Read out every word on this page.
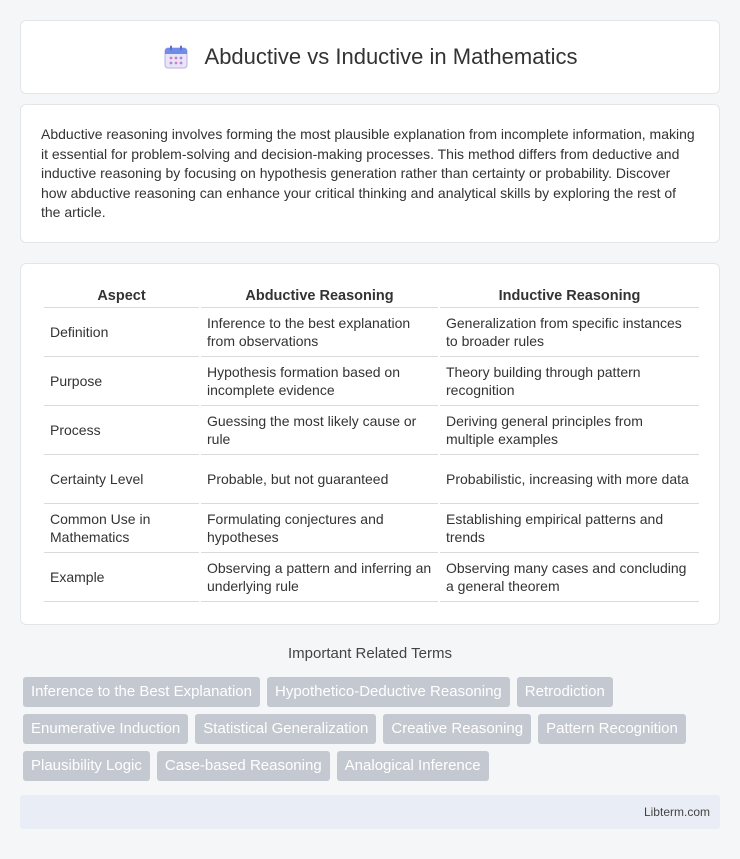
Abductive vs Inductive in Mathematics

Abductive reasoning involves forming the most plausible explanation from incomplete information, making it essential for problem-solving and decision-making processes. This method differs from deductive and inductive reasoning by focusing on hypothesis generation rather than certainty or probability. Discover how abductive reasoning can enhance your critical thinking and analytical skills by exploring the rest of the article.

Aspect	Abductive Reasoning	Inductive Reasoning
Definition	Inference to the best explanation from observations	Generalization from specific instances to broader rules
Purpose	Hypothesis formation based on incomplete evidence	Theory building through pattern recognition
Process	Guessing the most likely cause or rule	Deriving general principles from multiple examples
Certainty Level	Probable, but not guaranteed	Probabilistic, increasing with more data
Common Use in Mathematics	Formulating conjectures and hypotheses	Establishing empirical patterns and trends
Example	Observing a pattern and inferring an underlying rule	Observing many cases and concluding a general theorem
Important Related Terms
Inference to the Best Explanation	Hypothetico-Deductive Reasoning	Retrodiction
Enumerative Induction	Statistical Generalization	Creative Reasoning	Pattern Recognition
Plausibility Logic	Case-based Reasoning	Analogical Inference
Libterm.com
